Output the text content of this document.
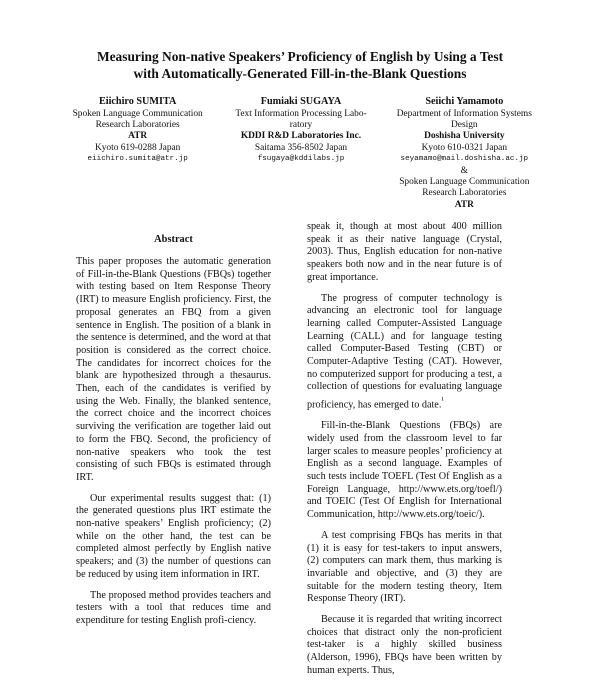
Measuring Non-native Speakers’ Proficiency of English by Using a Test
with Automatically-Generated Fill-in-the-Blank Questions
Eiichiro SUMITA
Spoken Language Communication
Research Laboratories
ATR
Kyoto 619-0288 Japan
eiichiro.sumita@atr.jp
Fumiaki SUGAYA
Text Information Processing Labo-
ratory
KDDI R&D Laboratories Inc.
Saitama 356-8502 Japan
fsugaya@kddilabs.jp
Seiichi Yamamoto
Department of Information Systems
Design
Doshisha University
Kyoto 610-0321 Japan
seyamamo@mail.doshisha.ac.jp
&
Spoken Language Communication
Research Laboratories
ATR
Abstract

This paper proposes the automatic generation of Fill-in-the-Blank Questions (FBQs) together with testing based on Item Response Theory (IRT) to measure English proficiency. First, the proposal generates an FBQ from a given sentence in English. The position of a blank in the sentence is determined, and the word at that position is considered as the correct choice. The candidates for incorrect choices for the blank are hypothesized through a thesaurus. Then, each of the candidates is verified by using the Web. Finally, the blanked sentence, the correct choice and the incorrect choices surviving the verification are together laid out to form the FBQ. Second, the proficiency of non-native speakers who took the test consisting of such FBQs is estimated through IRT.

Our experimental results suggest that: (1) the generated questions plus IRT estimate the non-native speakers’ English proficiency; (2) while on the other hand, the test can be completed almost perfectly by English native speakers; and (3) the number of questions can be reduced by using item information in IRT.

The proposed method provides teachers and testers with a tool that reduces time and expenditure for testing English profi-ciency.

speak it, though at most about 400 million speak it as their native language (Crystal, 2003). Thus, English education for non-native speakers both now and in the near future is of great importance.

The progress of computer technology is advancing an electronic tool for language learning called Computer-Assisted Language Learning (CALL) and for language testing called Computer-Based Testing (CBT) or Computer-Adaptive Testing (CAT). However, no computerized support for producing a test, a collection of questions for evaluating language proficiency, has emerged to date.$^{^1}$

Fill-in-the-Blank Questions (FBQs) are widely used from the classroom level to far larger scales to measure peoples’ proficiency at English as a second language. Examples of such tests include TOEFL (Test Of English as a Foreign Language, http://www.ets.org/toefl/) and TOEIC (Test Of English for International Communication, http://www.ets.org/toeic/).

A test comprising FBQs has merits in that (1) it is easy for test-takers to input answers, (2) computers can mark them, thus marking is invariable and objective, and (3) they are suitable for the modern testing theory, Item Response Theory (IRT).

Because it is regarded that writing incorrect choices that distract only the non-proficient test-taker is a highly skilled business (Alderson, 1996), FBQs have been written by human experts. Thus,
